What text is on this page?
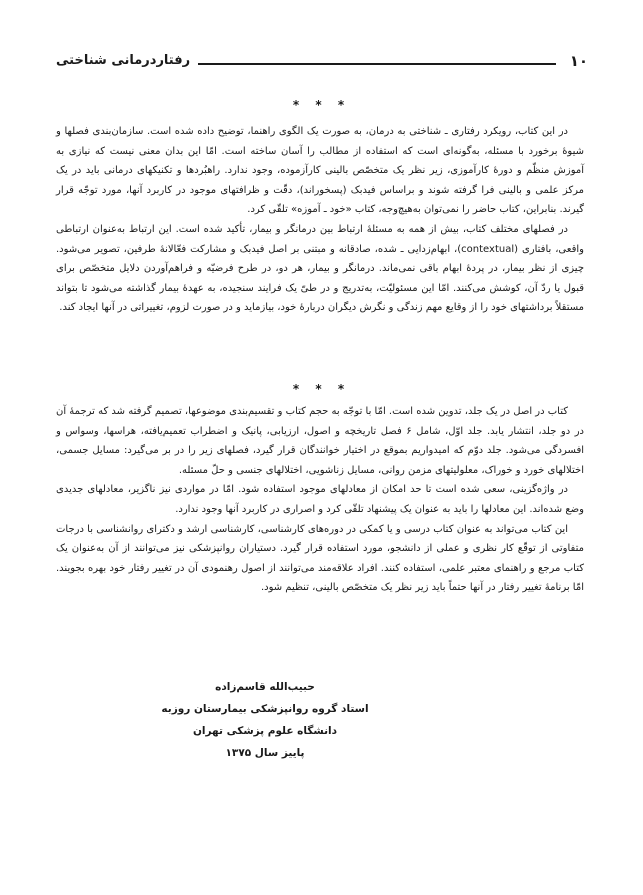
۱۰
رفتاردرمانی شناختی
* * *

در این کتاب، رویکرد رفتاری ـ شناختی به درمان، به صورت یک الگوی راهنما، توضیح داده شده است. سازمان‌بندی فصلها و شیوهٔ برخورد با مسئله، به‌گونه‌ای است که استفاده از مطالب را آسان ساخته است. امّا این بدان معنی نیست که نیازی به آموزش منظّم و دورهٔ کارآموزی، زیر نظر یک متخصّص بالینی کارآزموده، وجود ندارد. راهبُردها و تکنیکهای درمانی باید در یک مرکز علمی و بالینی فرا گرفته شوند و براساس فیدبک (پسخوراند)، دقّت و ظرافتهای موجود در کاربرد آنها، مورد توجّه قرار گیرند. بنابراین، کتاب حاضر را نمی‌توان به‌هیچ‌وجه، کتاب «خود ـ آموزه» تلقّی کرد.

در فصلهای مختلف کتاب، بیش از همه به مسئلهٔ ارتباط بین درمانگر و بیمار، تأکید شده است. این ارتباط به‌عنوان ارتباطی واقعی، بافتاری (contextual)، ابهام‌زدایی ـ شده، صادقانه و مبتنی بر اصل فیدبک و مشارکت فعّالانهٔ طرفین، تصویر می‌شود. چیزی از نظر بیمار، در پردهٔ ابهام باقی نمی‌ماند. درمانگر و بیمار، هر دو، در طرح فرضیّه و فراهم‌آوردن دلایل متخصّص برای قبول یا ردّ آن، کوشش می‌کنند. امّا این مسئولیّت، به‌تدریج و در طیّ یک فرایند سنجیده، به عهدهٔ بیمار گذاشته می‌شود تا بتواند مستقلاً برداشتهای خود را از وقایع مهم زندگی و نگرش دیگران دربارهٔ خود، بیازماید و در صورت لزوم، تغییراتی در آنها ایجاد کند.

* * *

کتاب در اصل در یک جلد، تدوین شده است. امّا با توجّه به حجم کتاب و تقسیم‌بندی موضوعها، تصمیم گرفته شد که ترجمهٔ آن در دو جلد، انتشار یابد. جلد اوّل، شامل ۶ فصل تاریخچه و اصول، ارزیابی، پانیک و اضطراب تعمیم‌یافته، هراسها، وسواس و افسردگی می‌شود. جلد دوّم که امیدواریم بموقع در اختیار خوانندگان قرار گیرد، فصلهای زیر را در بر می‌گیرد: مسایل جسمی، اختلالهای خورد و خوراک، معلولیتهای مزمن روانی، مسایل زناشویی، اختلالهای جنسی و حلّ مسئله.

در واژه‌گزینی، سعی شده است تا حد امکان از معادلهای موجود استفاده شود. امّا در مواردی نیز ناگزیر، معادلهای جدیدی وضع شده‌اند. این معادلها را باید به عنوان یک پیشنهاد تلقّی کرد و اصراری در کاربرد آنها وجود ندارد.

این کتاب می‌تواند به عنوان کتاب درسی و یا کمکی در دوره‌های کارشناسی، کارشناسی ارشد و دکترای روانشناسی با درجات متفاوتی از توقّع کار نظری و عملی از دانشجو، مورد استفاده قرار گیرد. دستیاران روانپزشکی نیز می‌توانند از آن به‌عنوان یک کتاب مرجع و راهنمای معتبر علمی، استفاده کنند. افراد علاقه‌مند می‌توانند از اصول رهنمودی آن در تغییر رفتار خود بهره بجویند. امّا برنامهٔ تغییر رفتار در آنها حتماً باید زیر نظر یک متخصّص بالینی، تنظیم شود.

حبیب‌الله قاسم‌زاده
استاد گروه روانپزشکی بیمارستان روزبه
دانشگاه علوم پزشکی تهران
پاییز سال ۱۳۷۵
